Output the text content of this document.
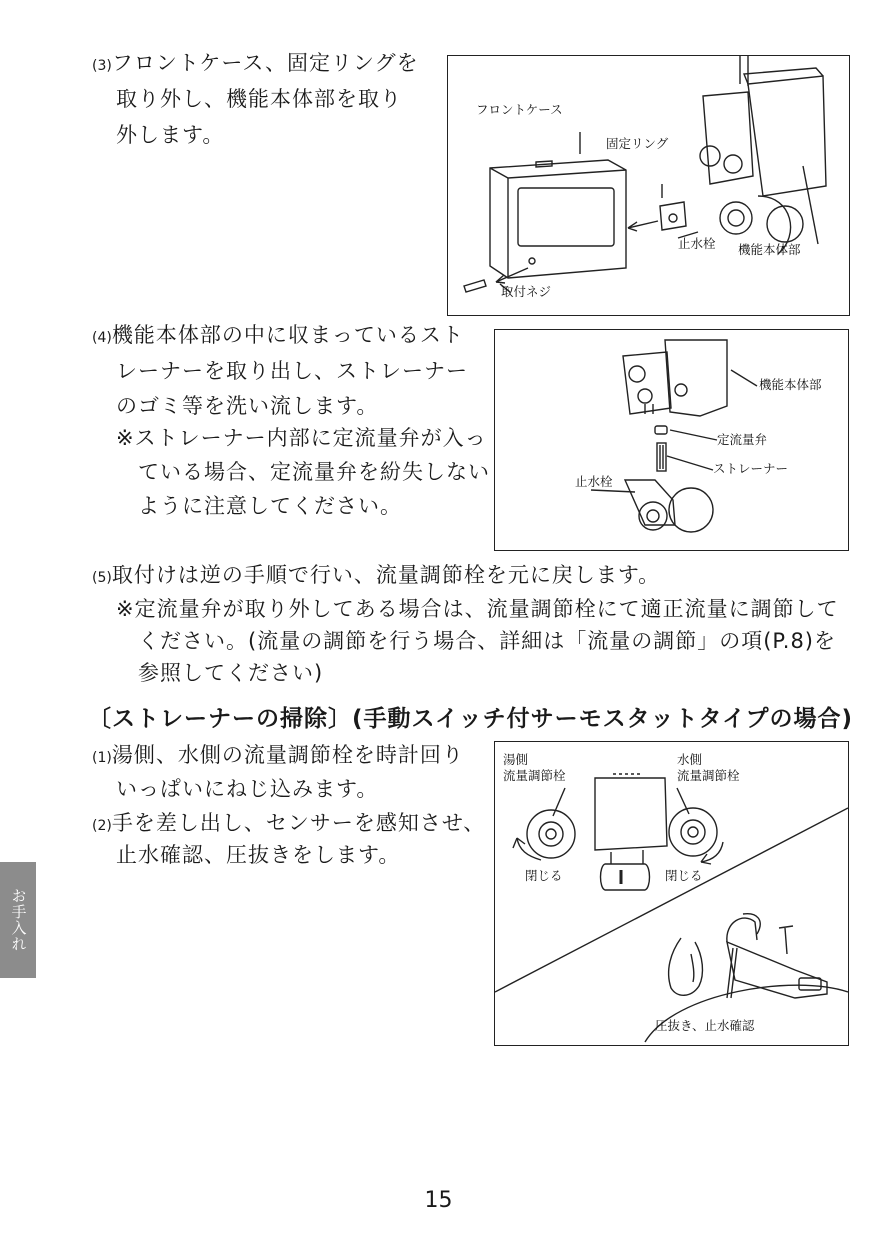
(3)フロントケース、固定リングを
取り外し、機能本体部を取り
外します。
フロントケース
固定リング
止水栓 機能本体部
取付ネジ
(4)機能本体部の中に収まっているスト
レーナーを取り出し、ストレーナー
のゴミ等を洗い流します。
※ストレーナー内部に定流量弁が入っ
ている場合、定流量弁を紛失しない
ように注意してください。
機能本体部
定流量弁
ストレーナー
止水栓
(5)取付けは逆の手順で行い、流量調節栓を元に戻します。
※定流量弁が取り外してある場合は、流量調節栓にて適正流量に調節して
ください。(流量の調節を行う場合、詳細は「流量の調節」の項(P.8)を
参照してください)
〔ストレーナーの掃除〕(手動スイッチ付サーモスタットタイプの場合)
(1)湯側、水側の流量調節栓を時計回り
いっぱいにねじ込みます。
(2)手を差し出し、センサーを感知させ、
止水確認、圧抜きをします。
湯側
流量調節栓
水側
流量調節栓
閉じる	閉じる
圧抜き、止水確認
お手入れ
15
